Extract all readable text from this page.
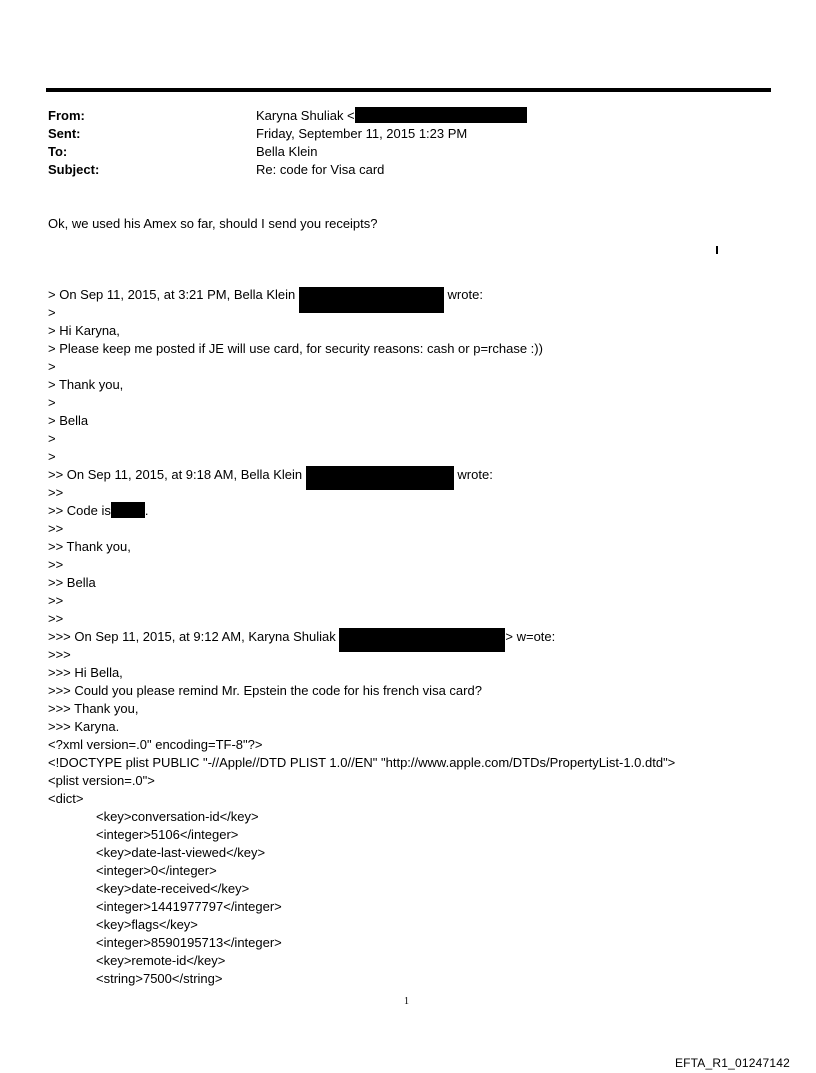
From:	Karyna Shuliak <
Sent:	Friday, September 11, 2015 1:23 PM
To:	Bella Klein
Subject:	Re: code for Visa card
Ok, we used his Amex so far, should I send you receipts?
> On Sep 11, 2015, at 3:21 PM, Bella Klein	wrote:
>
> Hi Karyna,
> Please keep me posted if JE will use card, for security reasons: cash or p=rchase :))
>
> Thank you,
>
> Bella
>
>
>> On Sep 11, 2015, at 9:18 AM, Bella Klein	wrote:
>>
>> Code is	.
>>
>> Thank you,
>>
>> Bella
>>
>>
>>> On Sep 11, 2015, at 9:12 AM, Karyna Shuliak	> w=ote:
>>>
>>> Hi Bella,
>>> Could you please remind Mr. Epstein the code for his french visa card?
>>> Thank you,
>>> Karyna.
<?xml version=.0" encoding=TF-8"?>
<!DOCTYPE plist PUBLIC "-//Apple//DTD PLIST 1.0//EN" "http://www.apple.com/DTDs/PropertyList-1.0.dtd">
<plist version=.0">
<dict>
<key>conversation-id</key>
<integer>5106</integer>
<key>date-last-viewed</key>
<integer>0</integer>
<key>date-received</key>
<integer>1441977797</integer>
<key>flags</key>
<integer>8590195713</integer>
<key>remote-id</key>
<string>7500</string>
1
EFTA_R1_01247142
